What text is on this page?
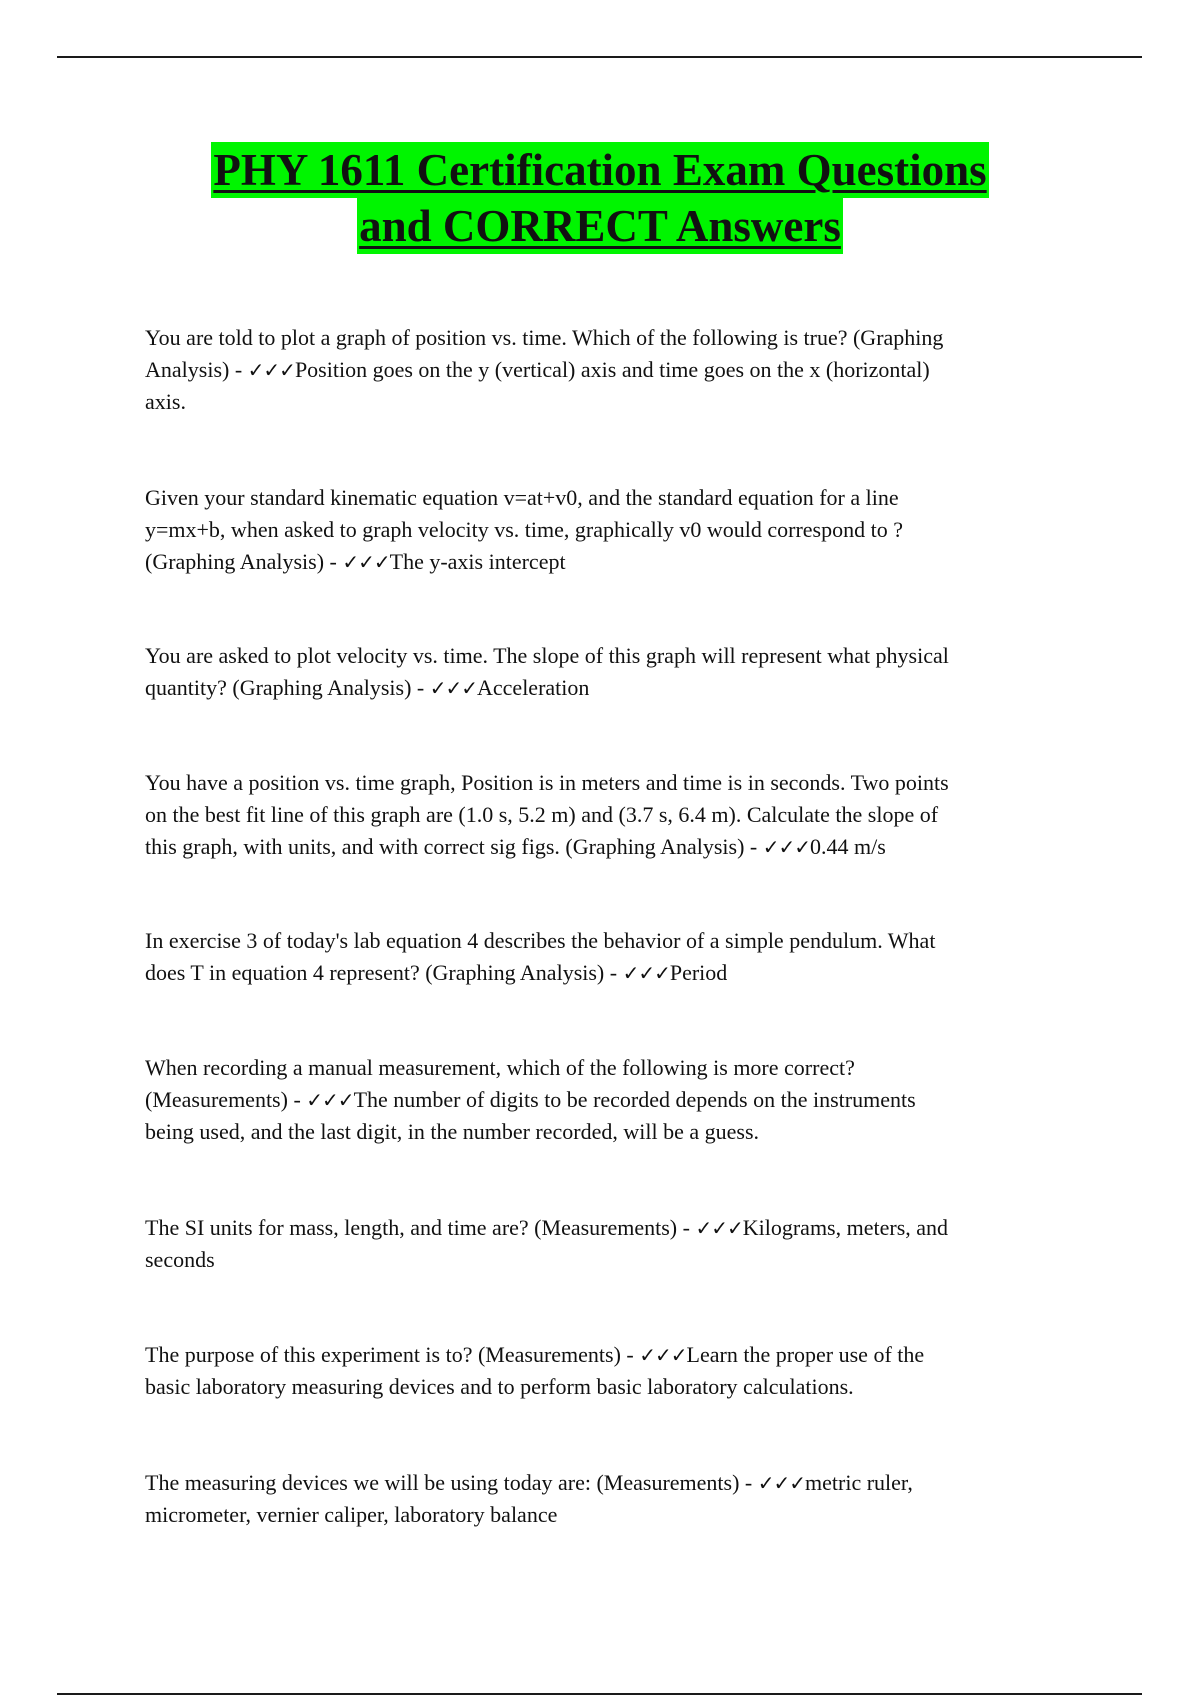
PHY 1611 Certification Exam Questions
and CORRECT Answers

You are told to plot a graph of position vs. time. Which of the following is true? (Graphing
Analysis) - ✓✓✓Position goes on the y (vertical) axis and time goes on the x (horizontal)
axis.

Given your standard kinematic equation v=at+v0, and the standard equation for a line
y=mx+b, when asked to graph velocity vs. time, graphically v0 would correspond to ?
(Graphing Analysis) - ✓✓✓The y-axis intercept

You are asked to plot velocity vs. time. The slope of this graph will represent what physical
quantity? (Graphing Analysis) - ✓✓✓Acceleration

You have a position vs. time graph, Position is in meters and time is in seconds. Two points
on the best fit line of this graph are (1.0 s, 5.2 m) and (3.7 s, 6.4 m). Calculate the slope of
this graph, with units, and with correct sig figs. (Graphing Analysis) - ✓✓✓0.44 m/s

In exercise 3 of today's lab equation 4 describes the behavior of a simple pendulum. What
does T in equation 4 represent? (Graphing Analysis) - ✓✓✓Period

When recording a manual measurement, which of the following is more correct?
(Measurements) - ✓✓✓The number of digits to be recorded depends on the instruments
being used, and the last digit, in the number recorded, will be a guess.

The SI units for mass, length, and time are? (Measurements) - ✓✓✓Kilograms, meters, and
seconds

The purpose of this experiment is to? (Measurements) - ✓✓✓Learn the proper use of the
basic laboratory measuring devices and to perform basic laboratory calculations.

The measuring devices we will be using today are: (Measurements) - ✓✓✓metric ruler,
micrometer, vernier caliper, laboratory balance
